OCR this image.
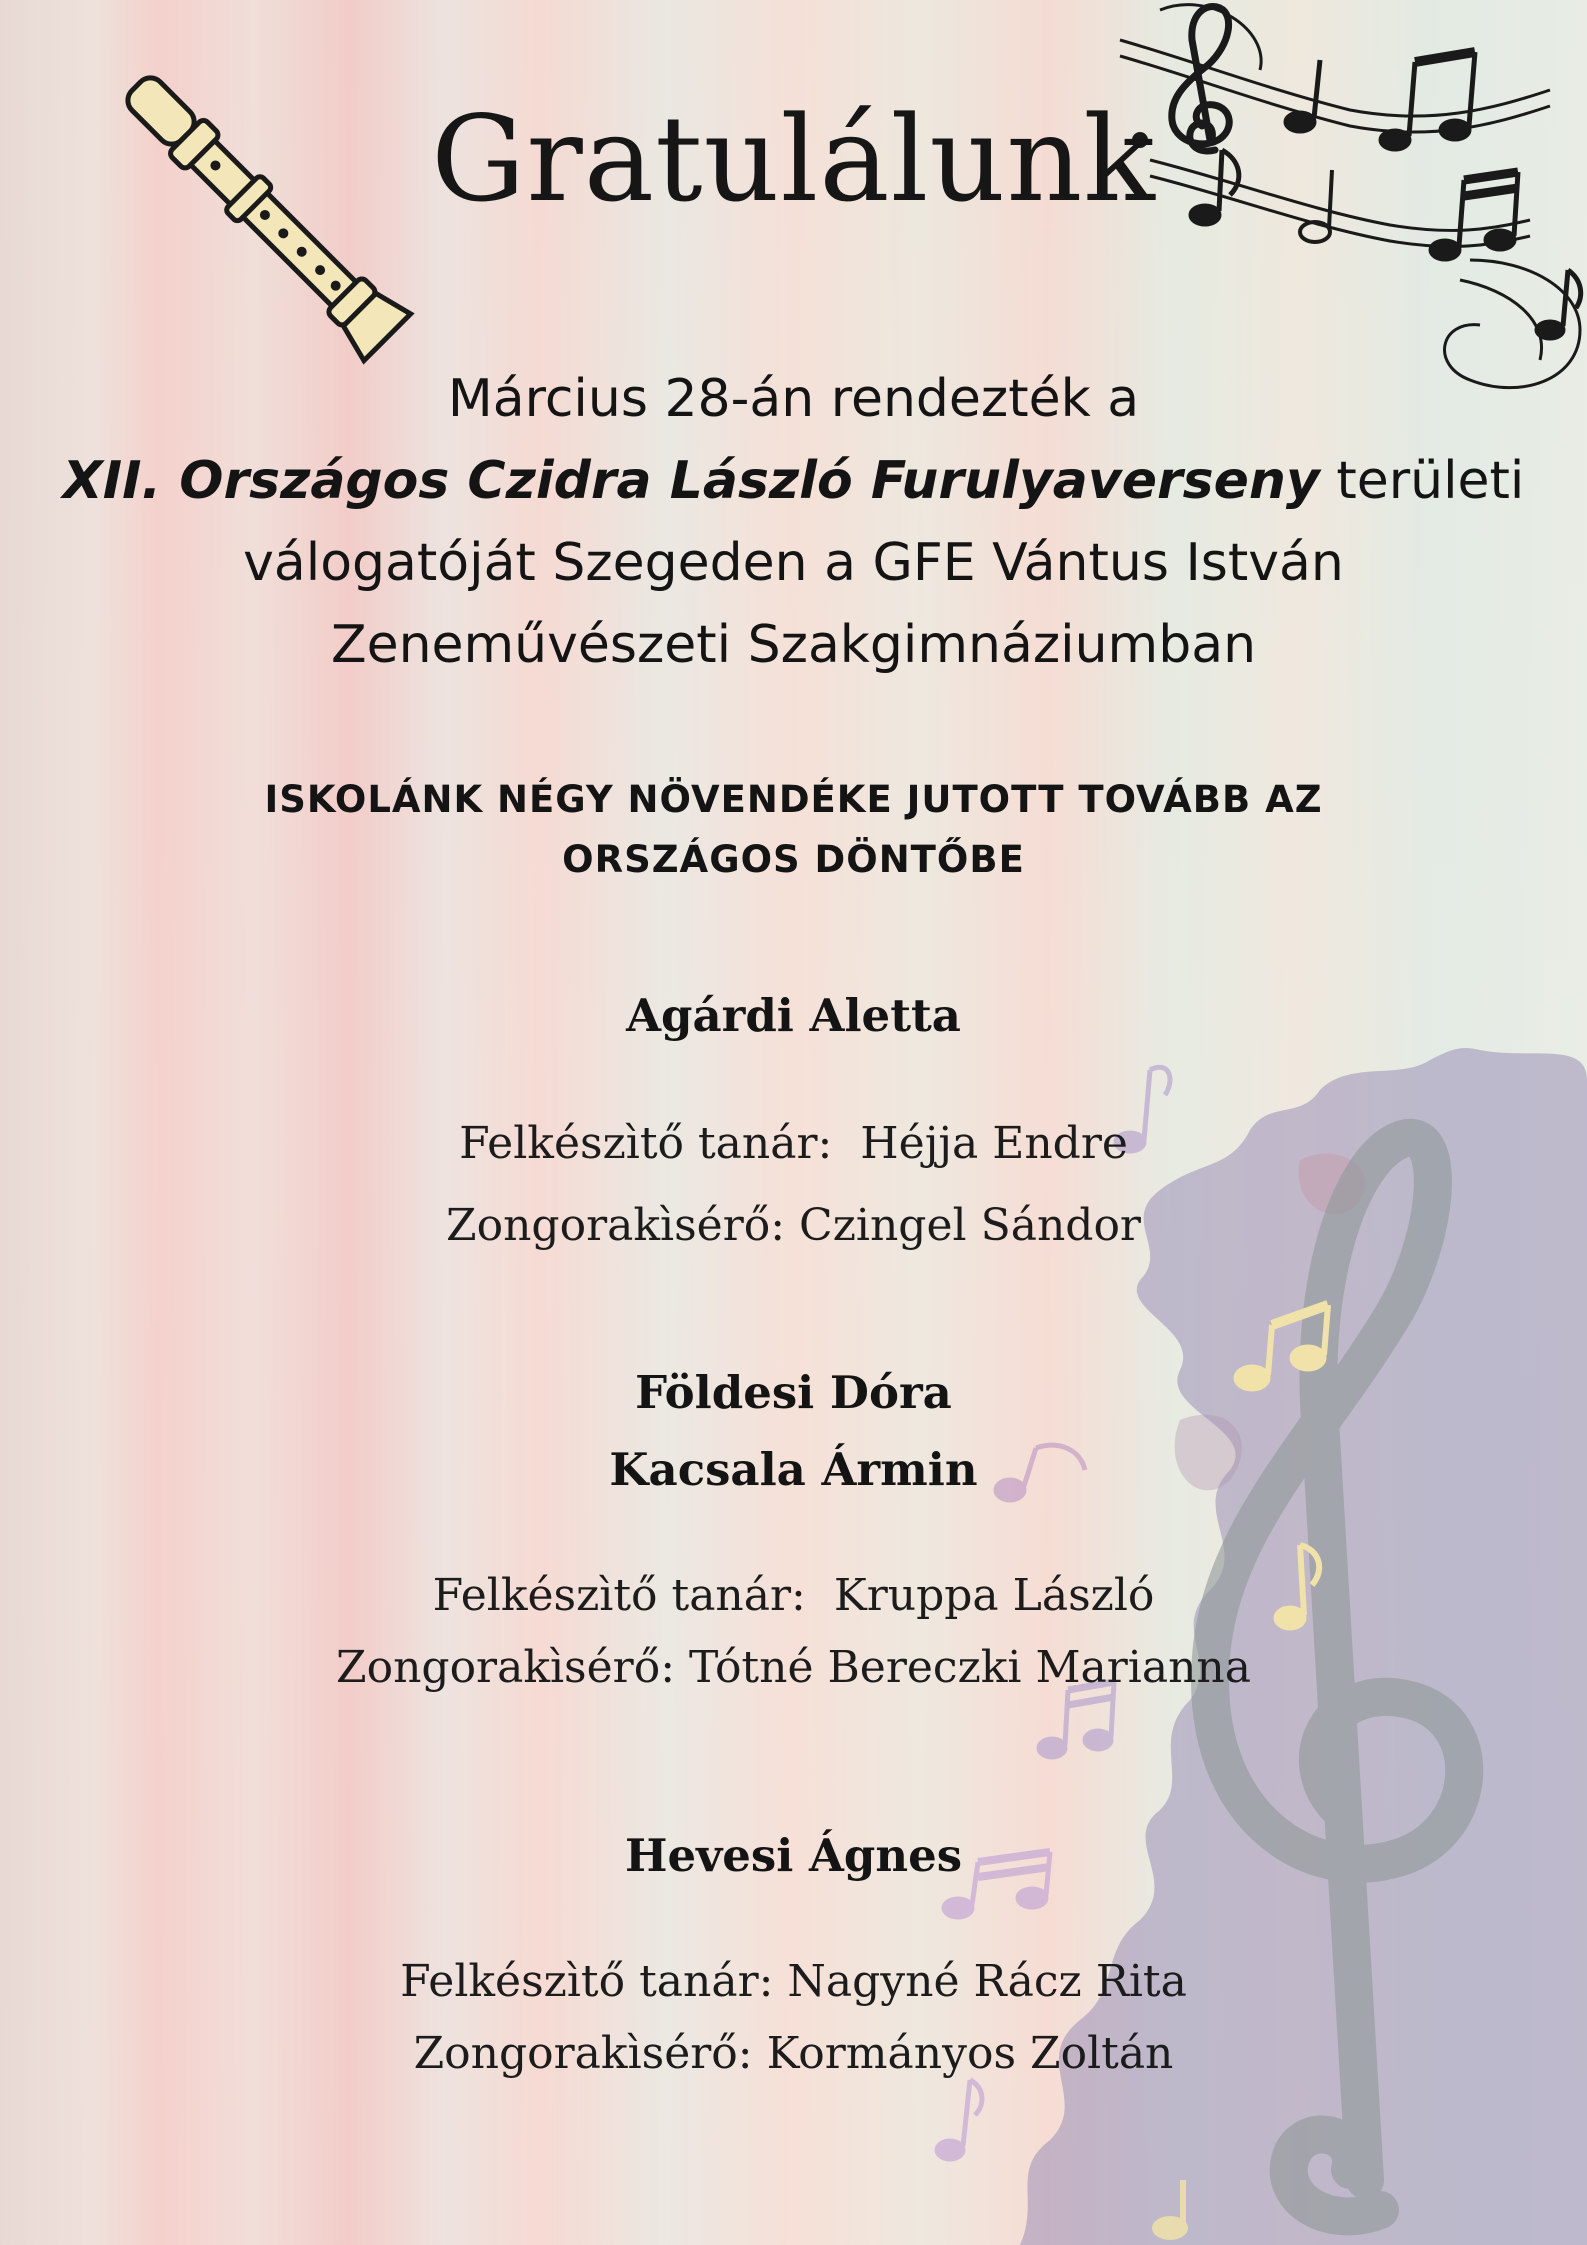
Gratulálunk

Március 28-án rendezték a
XII. Országos Czidra László Furulyaverseny területi
válogatóját Szegeden a GFE Vántus István
Zeneművészeti Szakgimnáziumban

ISKOLÁNK NÉGY NÖVENDÉKE JUTOTT TOVÁBB AZ ORSZÁGOS DÖNTŐBE

Agárdi Aletta

Felkészìtő tanár:  Héjja Endre

Zongorakìsérő: Czingel Sándor

Földesi Dóra

Kacsala Ármin

Felkészìtő tanár:  Kruppa László

Zongorakìsérő: Tótné Bereczki Marianna

Hevesi Ágnes

Felkészìtő tanár: Nagyné Rácz Rita

Zongorakìsérő: Kormányos Zoltán
